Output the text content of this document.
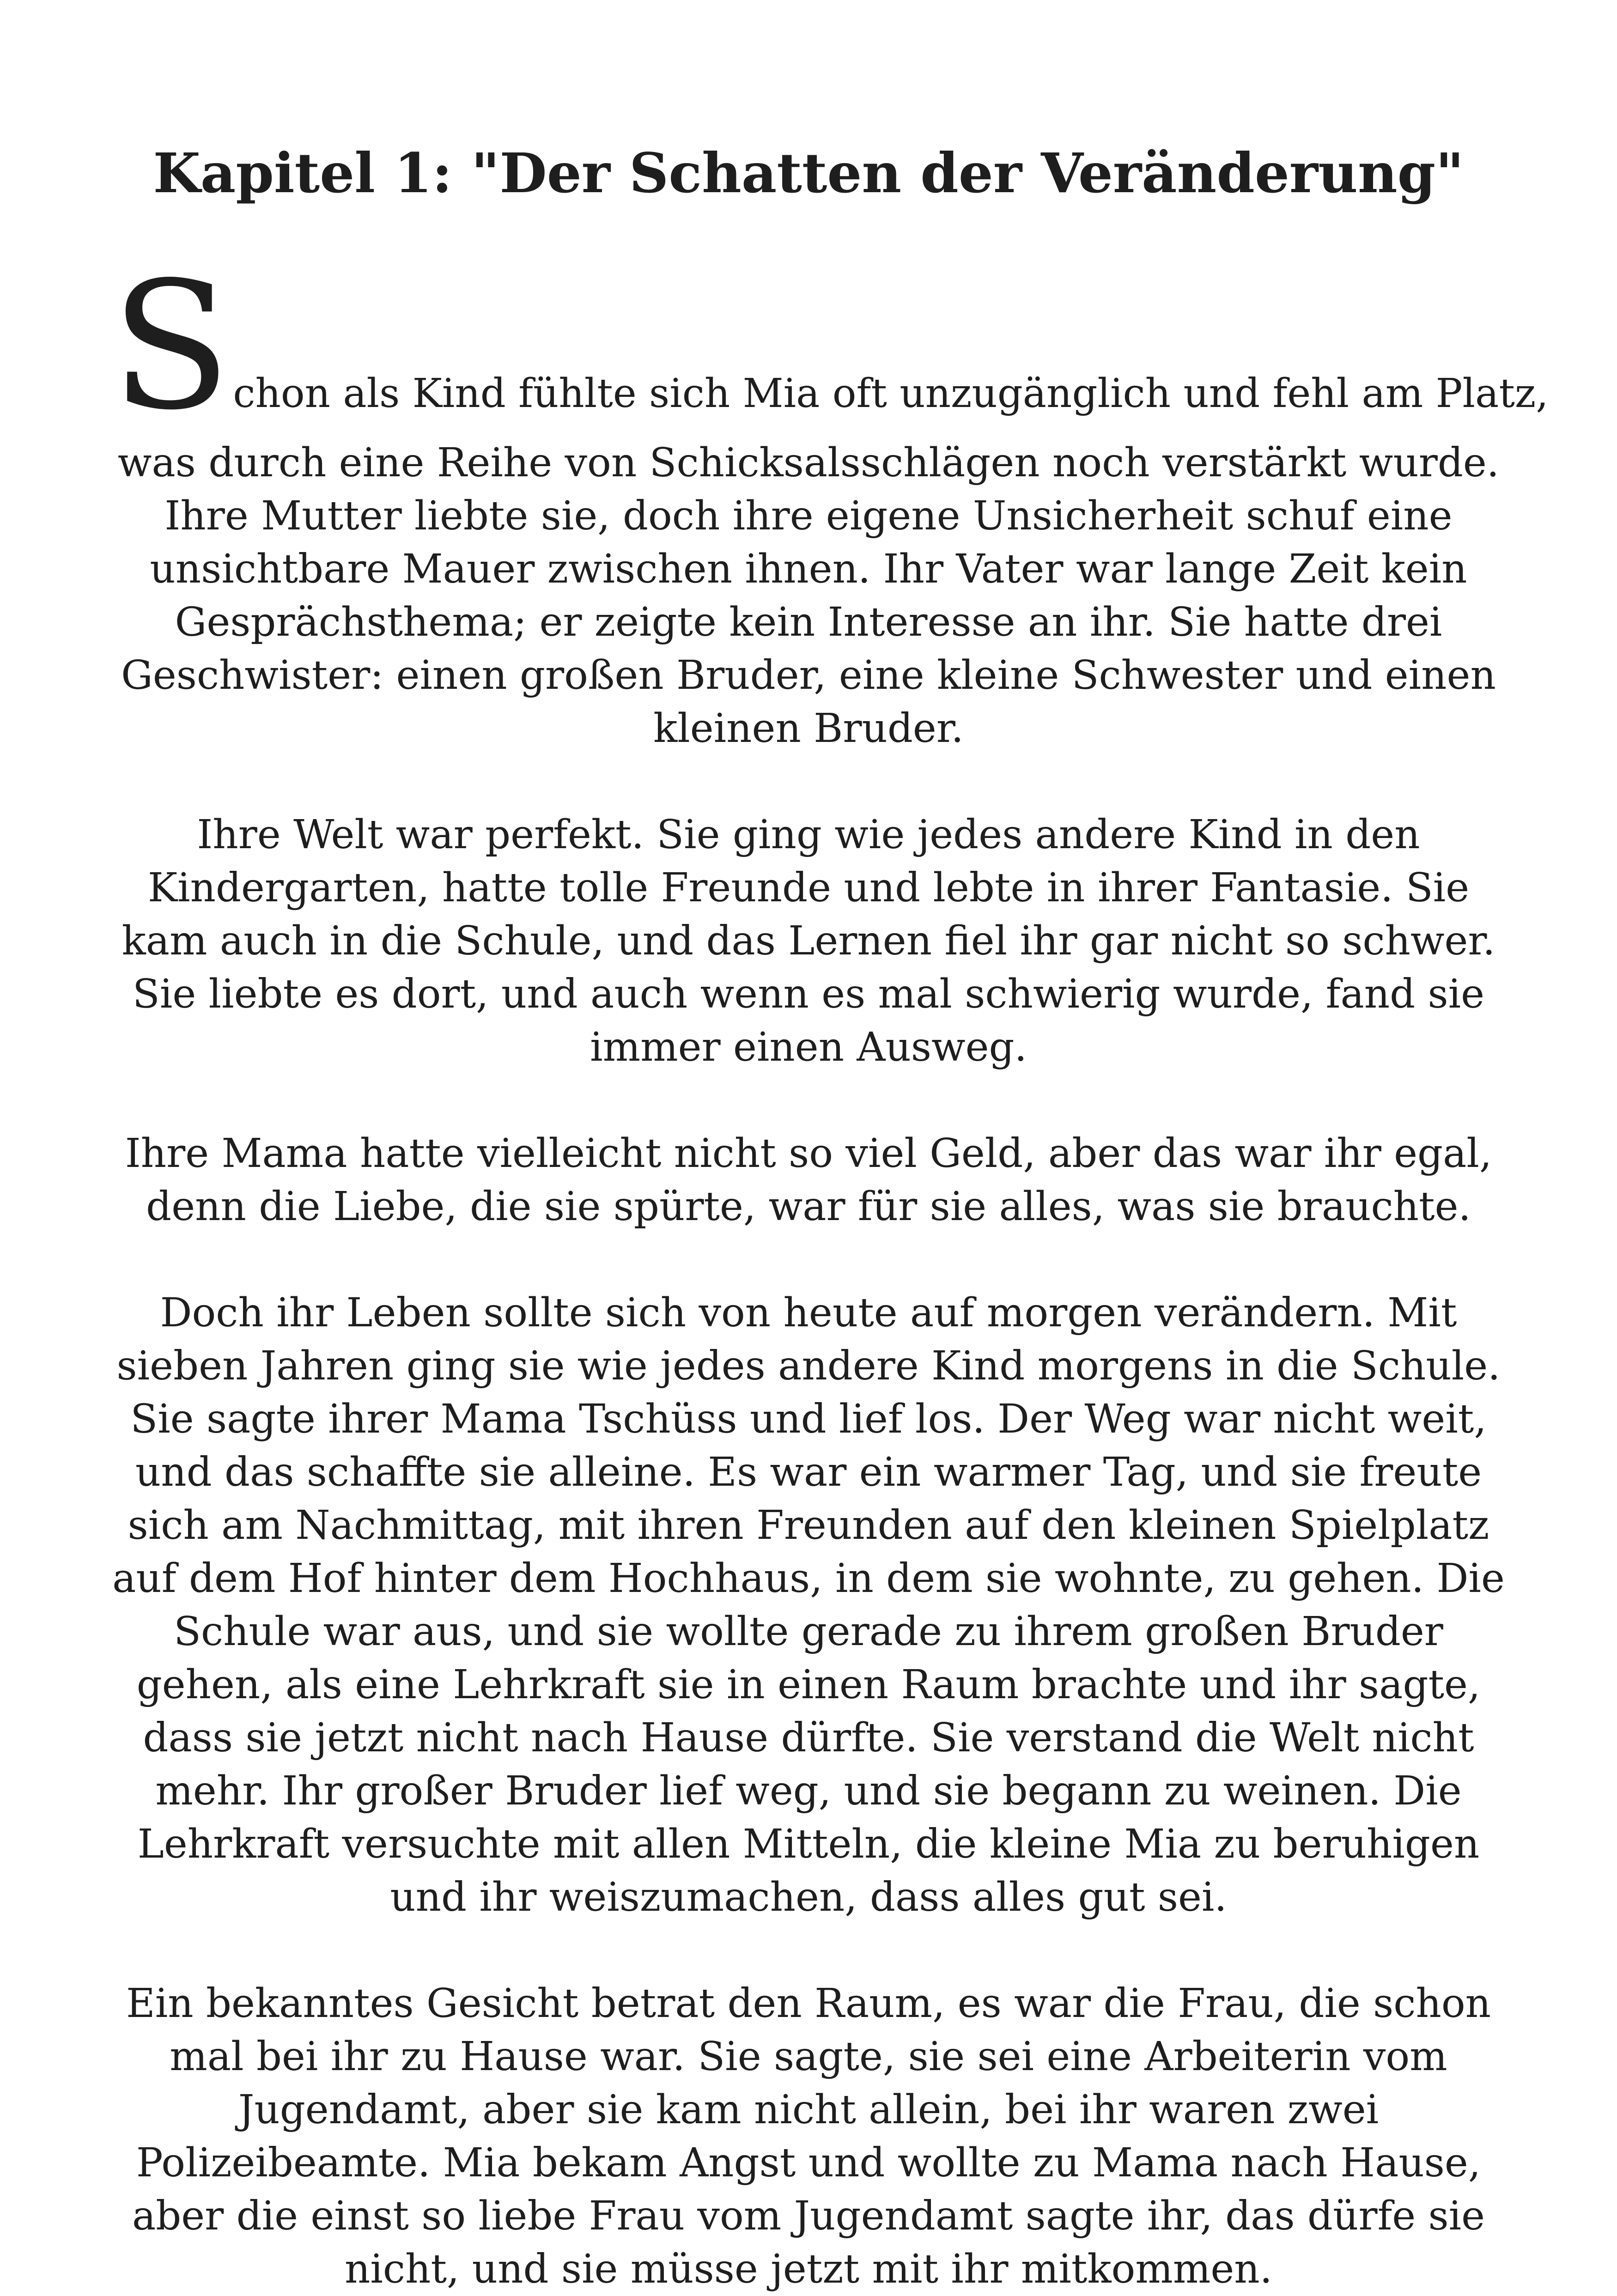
Kapitel 1: "Der Schatten der Veränderung"

Schon als Kind fühlte sich Mia oft unzugänglich und fehl am Platz,

was durch eine Reihe von Schicksalsschlägen noch verstärkt wurde. Ihre Mutter liebte sie, doch ihre eigene Unsicherheit schuf eine unsichtbare Mauer zwischen ihnen. Ihr Vater war lange Zeit kein Gesprächsthema; er zeigte kein Interesse an ihr. Sie hatte drei Geschwister: einen großen Bruder, eine kleine Schwester und einen kleinen Bruder.

Ihre Welt war perfekt. Sie ging wie jedes andere Kind in den Kindergarten, hatte tolle Freunde und lebte in ihrer Fantasie. Sie kam auch in die Schule, und das Lernen fiel ihr gar nicht so schwer. Sie liebte es dort, und auch wenn es mal schwierig wurde, fand sie immer einen Ausweg.

Ihre Mama hatte vielleicht nicht so viel Geld, aber das war ihr egal, denn die Liebe, die sie spürte, war für sie alles, was sie brauchte.

Doch ihr Leben sollte sich von heute auf morgen verändern. Mit sieben Jahren ging sie wie jedes andere Kind morgens in die Schule. Sie sagte ihrer Mama Tschüss und lief los. Der Weg war nicht weit, und das schaffte sie alleine. Es war ein warmer Tag, und sie freute sich am Nachmittag, mit ihren Freunden auf den kleinen Spielplatz auf dem Hof hinter dem Hochhaus, in dem sie wohnte, zu gehen. Die Schule war aus, und sie wollte gerade zu ihrem großen Bruder gehen, als eine Lehrkraft sie in einen Raum brachte und ihr sagte, dass sie jetzt nicht nach Hause dürfte. Sie verstand die Welt nicht mehr. Ihr großer Bruder lief weg, und sie begann zu weinen. Die Lehrkraft versuchte mit allen Mitteln, die kleine Mia zu beruhigen und ihr weiszumachen, dass alles gut sei.

Ein bekanntes Gesicht betrat den Raum, es war die Frau, die schon mal bei ihr zu Hause war. Sie sagte, sie sei eine Arbeiterin vom Jugendamt, aber sie kam nicht allein, bei ihr waren zwei Polizeibeamte. Mia bekam Angst und wollte zu Mama nach Hause, aber die einst so liebe Frau vom Jugendamt sagte ihr, das dürfe sie nicht, und sie müsse jetzt mit ihr mitkommen.
